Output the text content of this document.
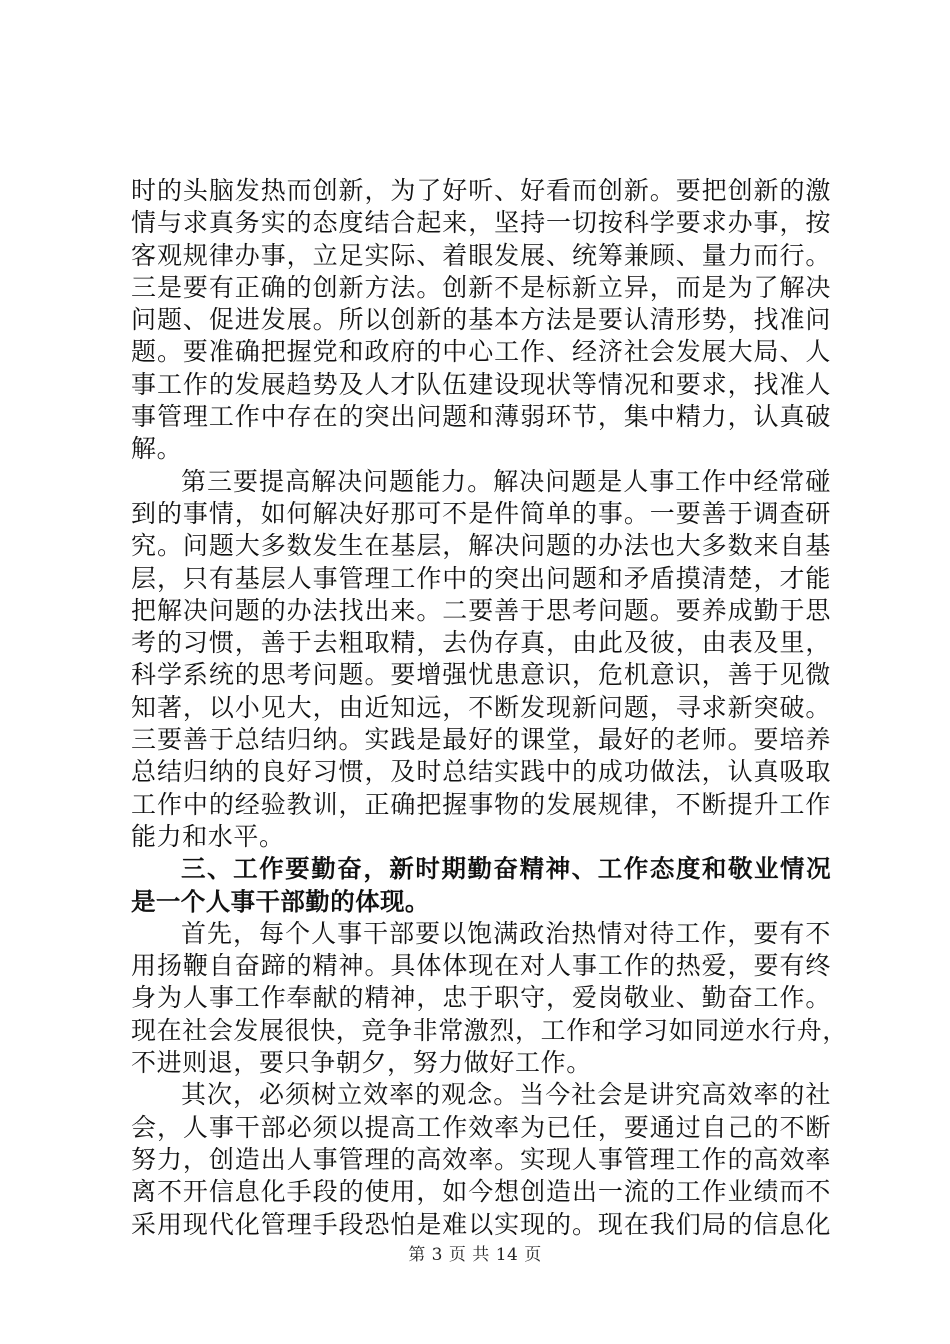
时的头脑发热而创新，为了好听、好看而创新。要把创新的激
情与求真务实的态度结合起来，坚持一切按科学要求办事，按
客观规律办事，立足实际、着眼发展、统筹兼顾、量力而行。
三是要有正确的创新方法。创新不是标新立异，而是为了解决
问题、促进发展。所以创新的基本方法是要认清形势，找准问
题。要准确把握党和政府的中心工作、经济社会发展大局、人
事工作的发展趋势及人才队伍建设现状等情况和要求，找准人
事管理工作中存在的突出问题和薄弱环节，集中精力，认真破
解。
第三要提高解决问题能力。解决问题是人事工作中经常碰
到的事情，如何解决好那可不是件简单的事。一要善于调查研
究。问题大多数发生在基层，解决问题的办法也大多数来自基
层，只有基层人事管理工作中的突出问题和矛盾摸清楚，才能
把解决问题的办法找出来。二要善于思考问题。要养成勤于思
考的习惯，善于去粗取精，去伪存真，由此及彼，由表及里，
科学系统的思考问题。要增强忧患意识，危机意识，善于见微
知著，以小见大，由近知远，不断发现新问题，寻求新突破。
三要善于总结归纳。实践是最好的课堂，最好的老师。要培养
总结归纳的良好习惯，及时总结实践中的成功做法，认真吸取
工作中的经验教训，正确把握事物的发展规律，不断提升工作
能力和水平。
三、工作要勤奋，新时期勤奋精神、工作态度和敬业情况
是一个人事干部勤的体现。
首先，每个人事干部要以饱满政治热情对待工作，要有不
用扬鞭自奋蹄的精神。具体体现在对人事工作的热爱，要有终
身为人事工作奉献的精神，忠于职守，爱岗敬业、勤奋工作。
现在社会发展很快，竞争非常激烈，工作和学习如同逆水行舟，
不进则退，要只争朝夕，努力做好工作。
其次，必须树立效率的观念。当今社会是讲究高效率的社
会，人事干部必须以提高工作效率为已任，要通过自己的不断
努力，创造出人事管理的高效率。实现人事管理工作的高效率
离不开信息化手段的使用，如今想创造出一流的工作业绩而不
采用现代化管理手段恐怕是难以实现的。现在我们局的信息化
第 3 页 共 14 页
